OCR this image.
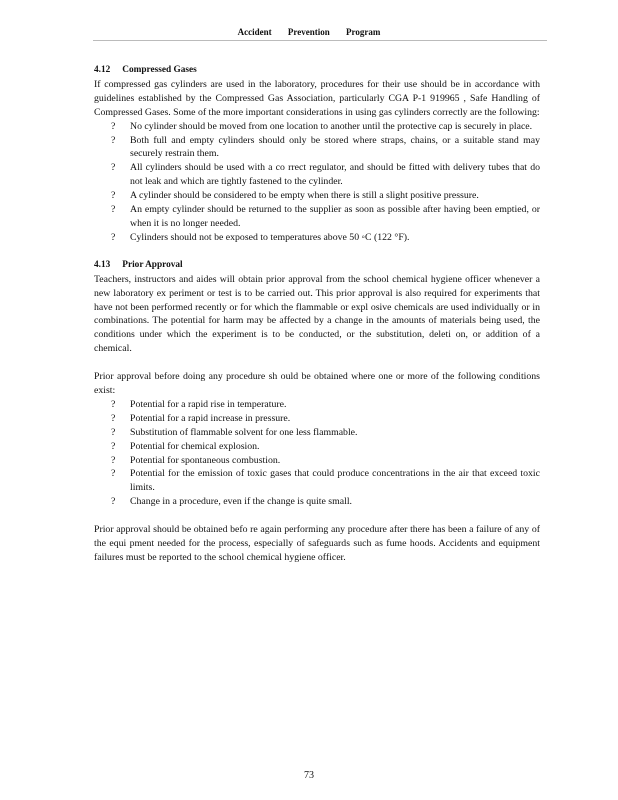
Accident Prevention Program
4.12 Compressed Gases

If compressed gas cylinders are used in the laboratory, procedures for their use should be in accordance with guidelines established by the Compressed Gas Association, particularly CGA P-1 919965 , Safe Handling of Compressed Gases. Some of the more important considerations in using gas cylinders correctly are the following:

? No cylinder should be moved from one location to another until the protective cap is securely in place.
? Both full and empty cylinders should only be stored where straps, chains, or a suitable stand may securely restrain them.
? All cylinders should be used with a co rrect regulator, and should be fitted with delivery tubes that do not leak and which are tightly fastened to the cylinder.
? A cylinder should be considered to be empty when there is still a slight positive pressure.
? An empty cylinder should be returned to the supplier as soon as possible after having been emptied, or when it is no longer needed.
? Cylinders should not be exposed to temperatures above 50 ◦C (122 °F).
4.13 Prior Approval

Teachers, instructors and aides will obtain prior approval from the school chemical hygiene officer whenever a new laboratory ex periment or test is to be carried out. This prior approval is also required for experiments that have not been performed recently or for which the flammable or expl osive chemicals are used individually or in combinations. The potential for harm may be affected by a change in the amounts of materials being used, the conditions under which the experiment is to be conducted, or the substitution, deleti on, or addition of a chemical.

Prior approval before doing any procedure sh ould be obtained where one or more of the following conditions exist:

? Potential for a rapid rise in temperature.
? Potential for a rapid increase in pressure.
? Substitution of flammable solvent for one less flammable.
? Potential for chemical explosion.
? Potential for spontaneous combustion.
? Potential for the emission of toxic gases that could produce concentrations in the air that exceed toxic limits.
? Change in a procedure, even if the change is quite small.

Prior approval should be obtained befo re again performing any procedure after there has been a failure of any of the equi pment needed for the process, especially of safeguards such as fume hoods. Accidents and equipment failures must be reported to the school chemical hygiene officer.

73
